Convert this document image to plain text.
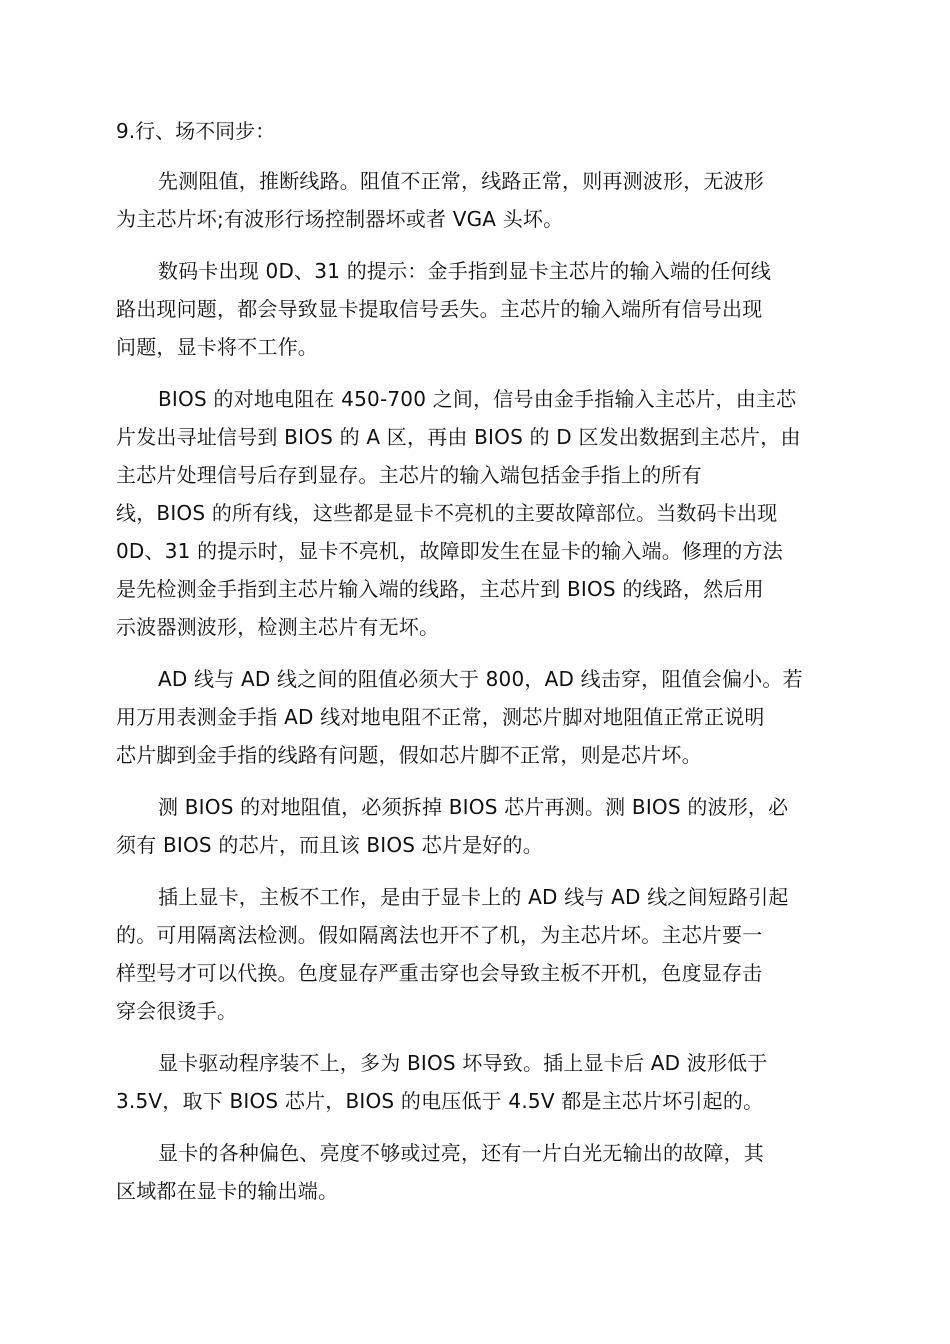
9.行、场不同步：
先测阻值，推断线路。阻值不正常，线路正常，则再测波形，无波形
为主芯片坏;有波形行场控制器坏或者 VGA 头坏。
数码卡出现 0D、31 的提示：金手指到显卡主芯片的输入端的任何线
路出现问题，都会导致显卡提取信号丢失。主芯片的输入端所有信号出现
问题，显卡将不工作。
BIOS 的对地电阻在 450-700 之间，信号由金手指输入主芯片，由主芯
片发出寻址信号到 BIOS 的 A 区，再由 BIOS 的 D 区发出数据到主芯片，由
主芯片处理信号后存到显存。主芯片的输入端包括金手指上的所有
线，BIOS 的所有线，这些都是显卡不亮机的主要故障部位。当数码卡出现
0D、31 的提示时，显卡不亮机，故障即发生在显卡的输入端。修理的方法
是先检测金手指到主芯片输入端的线路，主芯片到 BIOS 的线路，然后用
示波器测波形，检测主芯片有无坏。
AD 线与 AD 线之间的阻值必须大于 800，AD 线击穿，阻值会偏小。若
用万用表测金手指 AD 线对地电阻不正常，测芯片脚对地阻值正常正说明
芯片脚到金手指的线路有问题，假如芯片脚不正常，则是芯片坏。
测 BIOS 的对地阻值，必须拆掉 BIOS 芯片再测。测 BIOS 的波形，必
须有 BIOS 的芯片，而且该 BIOS 芯片是好的。
插上显卡，主板不工作，是由于显卡上的 AD 线与 AD 线之间短路引起
的。可用隔离法检测。假如隔离法也开不了机，为主芯片坏。主芯片要一
样型号才可以代换。色度显存严重击穿也会导致主板不开机，色度显存击
穿会很烫手。
显卡驱动程序装不上，多为 BIOS 坏导致。插上显卡后 AD 波形低于
3.5V，取下 BIOS 芯片，BIOS 的电压低于 4.5V 都是主芯片坏引起的。
显卡的各种偏色、亮度不够或过亮，还有一片白光无输出的故障，其
区域都在显卡的输出端。
